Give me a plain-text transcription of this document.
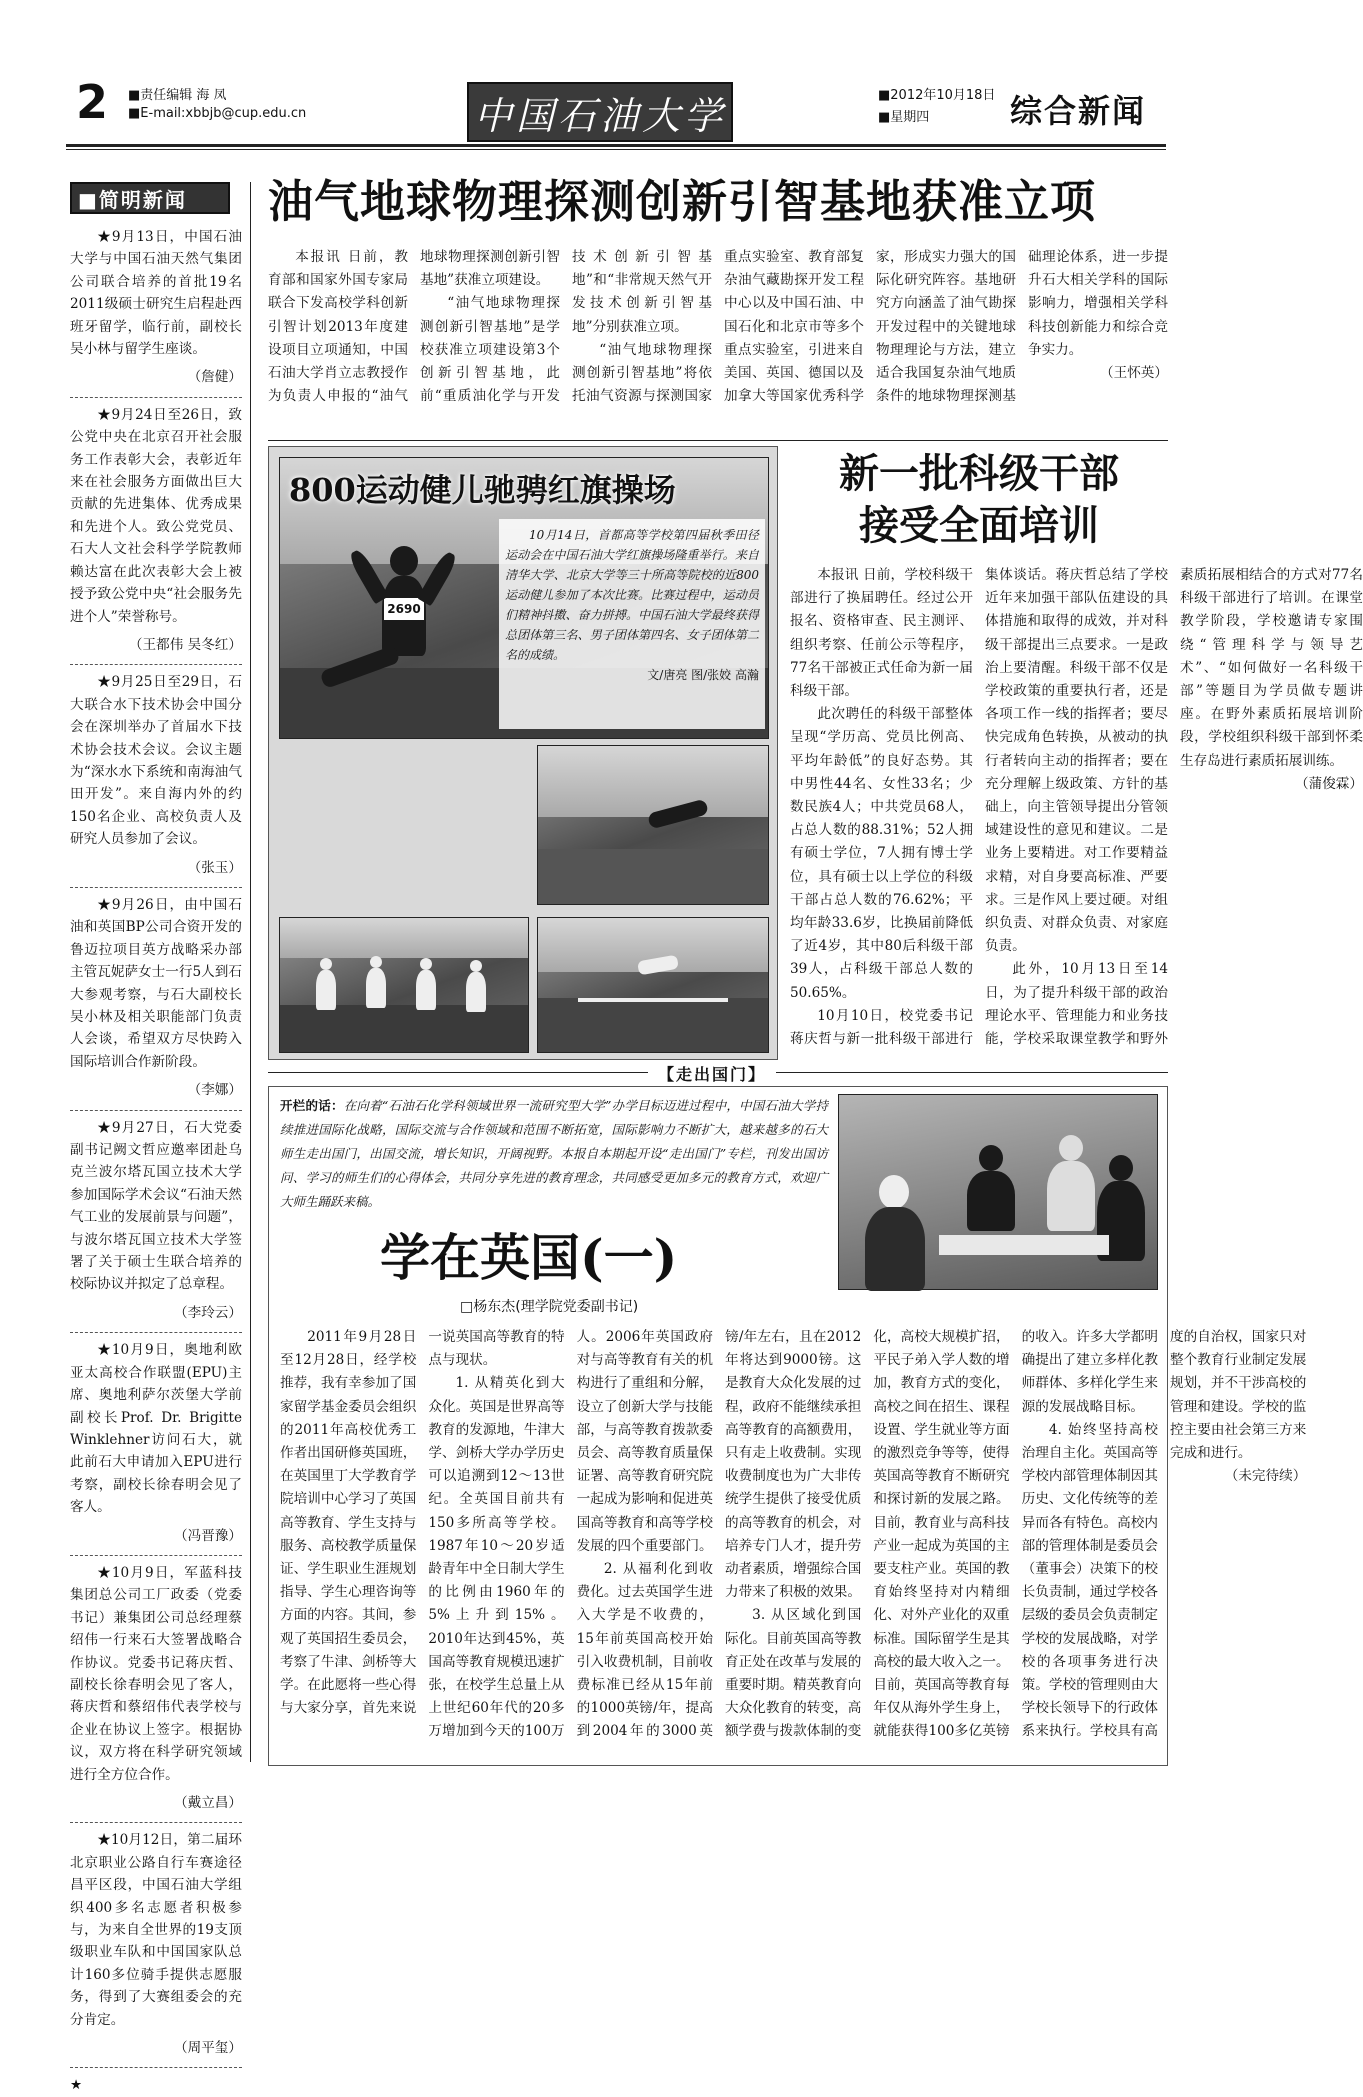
2 ■责任编辑 海 凤
■E-mail:xbbjb@cup.edu.cn	中国石油大学	■2012年10月18日
■星期四	综合新闻
■简明新闻

★9月13日，中国石油大学与中国石油天然气集团公司联合培养的首批19名2011级硕士研究生启程赴西班牙留学，临行前，副校长吴小林与留学生座谈。

（詹健）

★9月24日至26日，致公党中央在北京召开社会服务工作表彰大会，表彰近年来在社会服务方面做出巨大贡献的先进集体、优秀成果和先进个人。致公党党员、石大人文社会科学学院教师赖达富在此次表彰大会上被授予致公党中央“社会服务先进个人”荣誉称号。

（王都伟 吴冬红）

★9月25日至29日，石大联合水下技术协会中国分会在深圳举办了首届水下技术协会技术会议。会议主题为“深水水下系统和南海油气田开发”。来自海内外的约150名企业、高校负责人及研究人员参加了会议。

（张玉）

★9月26日，由中国石油和英国BP公司合资开发的鲁迈拉项目英方战略采办部主管瓦妮萨女士一行5人到石大参观考察，与石大副校长吴小林及相关职能部门负责人会谈，希望双方尽快跨入国际培训合作新阶段。

（李娜）

★9月27日，石大党委副书记阙文哲应邀率团赴乌克兰波尔塔瓦国立技术大学参加国际学术会议“石油天然气工业的发展前景与问题”，与波尔塔瓦国立技术大学签署了关于硕士生联合培养的校际协议并拟定了总章程。

（李玲云）

★10月9日，奥地利欧亚太高校合作联盟(EPU)主席、奥地利萨尔茨堡大学前副校长Prof. Dr. Brigitte Winklehner访问石大，就此前石大申请加入EPU进行考察，副校长徐春明会见了客人。

（冯晋豫）

★10月9日，军蓝科技集团总公司工厂政委（党委书记）兼集团公司总经理蔡绍伟一行来石大签署战略合作协议。党委书记蒋庆哲、副校长徐春明会见了客人，蒋庆哲和蔡绍伟代表学校与企业在协议上签字。根据协议，双方将在科学研究领域进行全方位合作。

（戴立昌）

★10月12日，第二届环北京职业公路自行车赛途径昌平区段，中国石油大学组织400多名志愿者积极参与，为来自全世界的19支顶级职业车队和中国国家队总计160多位骑手提供志愿服务，得到了大赛组委会的充分肯定。

（周平玺）

★
油气地球物理探测创新引智基地获准立项

本报讯 日前，教育部和国家外国专家局联合下发高校学科创新引智计划2013年度建设项目立项通知，中国石油大学肖立志教授作为负责人申报的“油气地球物理探测创新引智基地”获准立项建设。

“油气地球物理探测创新引智基地”是学校获准立项建设第3个创新引智基地，此前“重质油化学与开发技术创新引智基地”和“非常规天然气开发技术创新引智基地”分别获准立项。

“油气地球物理探测创新引智基地”将依托油气资源与探测国家重点实验室、教育部复杂油气藏勘探开发工程中心以及中国石油、中国石化和北京市等多个重点实验室，引进来自美国、英国、德国以及加拿大等国家优秀科学家，形成实力强大的国际化研究阵容。基地研究方向涵盖了油气勘探开发过程中的关键地球物理理论与方法，建立适合我国复杂油气地质条件的地球物理探测基础理论体系，进一步提升石大相关学科的国际影响力，增强相关学科科技创新能力和综合竞争实力。

（王怀英）

2690
800运动健儿驰骋红旗操场

10月14日，首都高等学校第四届秋季田径运动会在中国石油大学红旗操场隆重举行。来自清华大学、北京大学等三十所高等院校的近800运动健儿参加了本次比赛。比赛过程中，运动员们精神抖擞、奋力拼搏。中国石油大学最终获得总团体第三名、男子团体第四名、女子团体第二名的成绩。

文/唐亮 图/张姣 高瀚

新一批科级干部
接受全面培训

本报讯 日前，学校科级干部进行了换届聘任。经过公开报名、资格审查、民主测评、组织考察、任前公示等程序，77名干部被正式任命为新一届科级干部。

此次聘任的科级干部整体呈现“学历高、党员比例高、平均年龄低”的良好态势。其中男性44名、女性33名；少数民族4人；中共党员68人，占总人数的88.31%；52人拥有硕士学位，7人拥有博士学位，具有硕士以上学位的科级干部占总人数的76.62%；平均年龄33.6岁，比换届前降低了近4岁，其中80后科级干部39人，占科级干部总人数的50.65%。

10月10日，校党委书记蒋庆哲与新一批科级干部进行集体谈话。蒋庆哲总结了学校近年来加强干部队伍建设的具体措施和取得的成效，并对科级干部提出三点要求。一是政治上要清醒。科级干部不仅是学校政策的重要执行者，还是各项工作一线的指挥者；要尽快完成角色转换，从被动的执行者转向主动的指挥者；要在充分理解上级政策、方针的基础上，向主管领导提出分管领域建设性的意见和建议。二是业务上要精进。对工作要精益求精，对自身要高标准、严要求。三是作风上要过硬。对组织负责、对群众负责、对家庭负责。

此外，10月13日至14日，为了提升科级干部的政治理论水平、管理能力和业务技能，学校采取课堂教学和野外素质拓展相结合的方式对77名科级干部进行了培训。在课堂教学阶段，学校邀请专家围绕“管理科学与领导艺术”、“如何做好一名科级干部”等题目为学员做专题讲座。在野外素质拓展培训阶段，学校组织科级干部到怀柔生存岛进行素质拓展训练。

（蒲俊霖）

【走出国门】
开栏的话：在向着“石油石化学科领域世界一流研究型大学”办学目标迈进过程中，中国石油大学持续推进国际化战略，国际交流与合作领域和范围不断拓宽，国际影响力不断扩大，越来越多的石大师生走出国门，出国交流，增长知识，开阔视野。本报自本期起开设“走出国门”专栏，刊发出国访问、学习的师生们的心得体会，共同分享先进的教育理念，共同感受更加多元的教育方式，欢迎广大师生踊跃来稿。
学在英国(一)
□杨东杰(理学院党委副书记)

2011年9月28日至12月28日，经学校推荐，我有幸参加了国家留学基金委员会组织的2011年高校优秀工作者出国研修英国班，在英国里丁大学教育学院培训中心学习了英国高等教育、学生支持与服务、高校教学质量保证、学生职业生涯规划指导、学生心理咨询等方面的内容。其间，参观了英国招生委员会，考察了牛津、剑桥等大学。在此愿将一些心得与大家分享，首先来说一说英国高等教育的特点与现状。

1. 从精英化到大众化。英国是世界高等教育的发源地，牛津大学、剑桥大学办学历史可以追溯到12～13世纪。全英国目前共有150多所高等学校。1987年10～20岁适龄青年中全日制大学生的比例由1960年的5%上升到15%。2010年达到45%，英国高等教育规模迅速扩张，在校学生总量上从上世纪60年代的20多万增加到今天的100万人。2006年英国政府对与高等教育有关的机构进行了重组和分解，设立了创新大学与技能部，与高等教育拨款委员会、高等教育质量保证署、高等教育研究院一起成为影响和促进英国高等教育和高等学校发展的四个重要部门。

2. 从福利化到收费化。过去英国学生进入大学是不收费的，15年前英国高校开始引入收费机制，目前收费标准已经从15年前的1000英镑/年，提高到2004年的3000英镑/年左右，且在2012年将达到9000镑。这是教育大众化发展的过程，政府不能继续承担高等教育的高额费用，只有走上收费制。实现收费制度也为广大非传统学生提供了接受优质的高等教育的机会，对培养专门人才，提升劳动者素质，增强综合国力带来了积极的效果。

3. 从区域化到国际化。目前英国高等教育正处在改革与发展的重要时期。精英教育向大众化教育的转变，高额学费与拨款体制的变化，高校大规模扩招，平民子弟入学人数的增加，教育方式的变化，高校之间在招生、课程设置、学生就业等方面的激烈竞争等等，使得英国高等教育不断研究和探讨新的发展之路。目前，教育业与高科技产业一起成为英国的主要支柱产业。英国的教育始终坚持对内精细化、对外产业化的双重标准。国际留学生是其高校的最大收入之一。目前，英国高等教育每年仅从海外学生身上，就能获得100多亿英镑的收入。许多大学都明确提出了建立多样化教师群体、多样化学生来源的发展战略目标。

4. 始终坚持高校治理自主化。英国高等学校内部管理体制因其历史、文化传统等的差异而各有特色。高校内部的管理体制是委员会（董事会）决策下的校长负责制，通过学校各层级的委员会负责制定学校的发展战略，对学校的各项事务进行决策。学校的管理则由大学校长领导下的行政体系来执行。学校具有高度的自治权，国家只对整个教育行业制定发展规划，并不干涉高校的管理和建设。学校的监控主要由社会第三方来完成和进行。

（未完待续）
